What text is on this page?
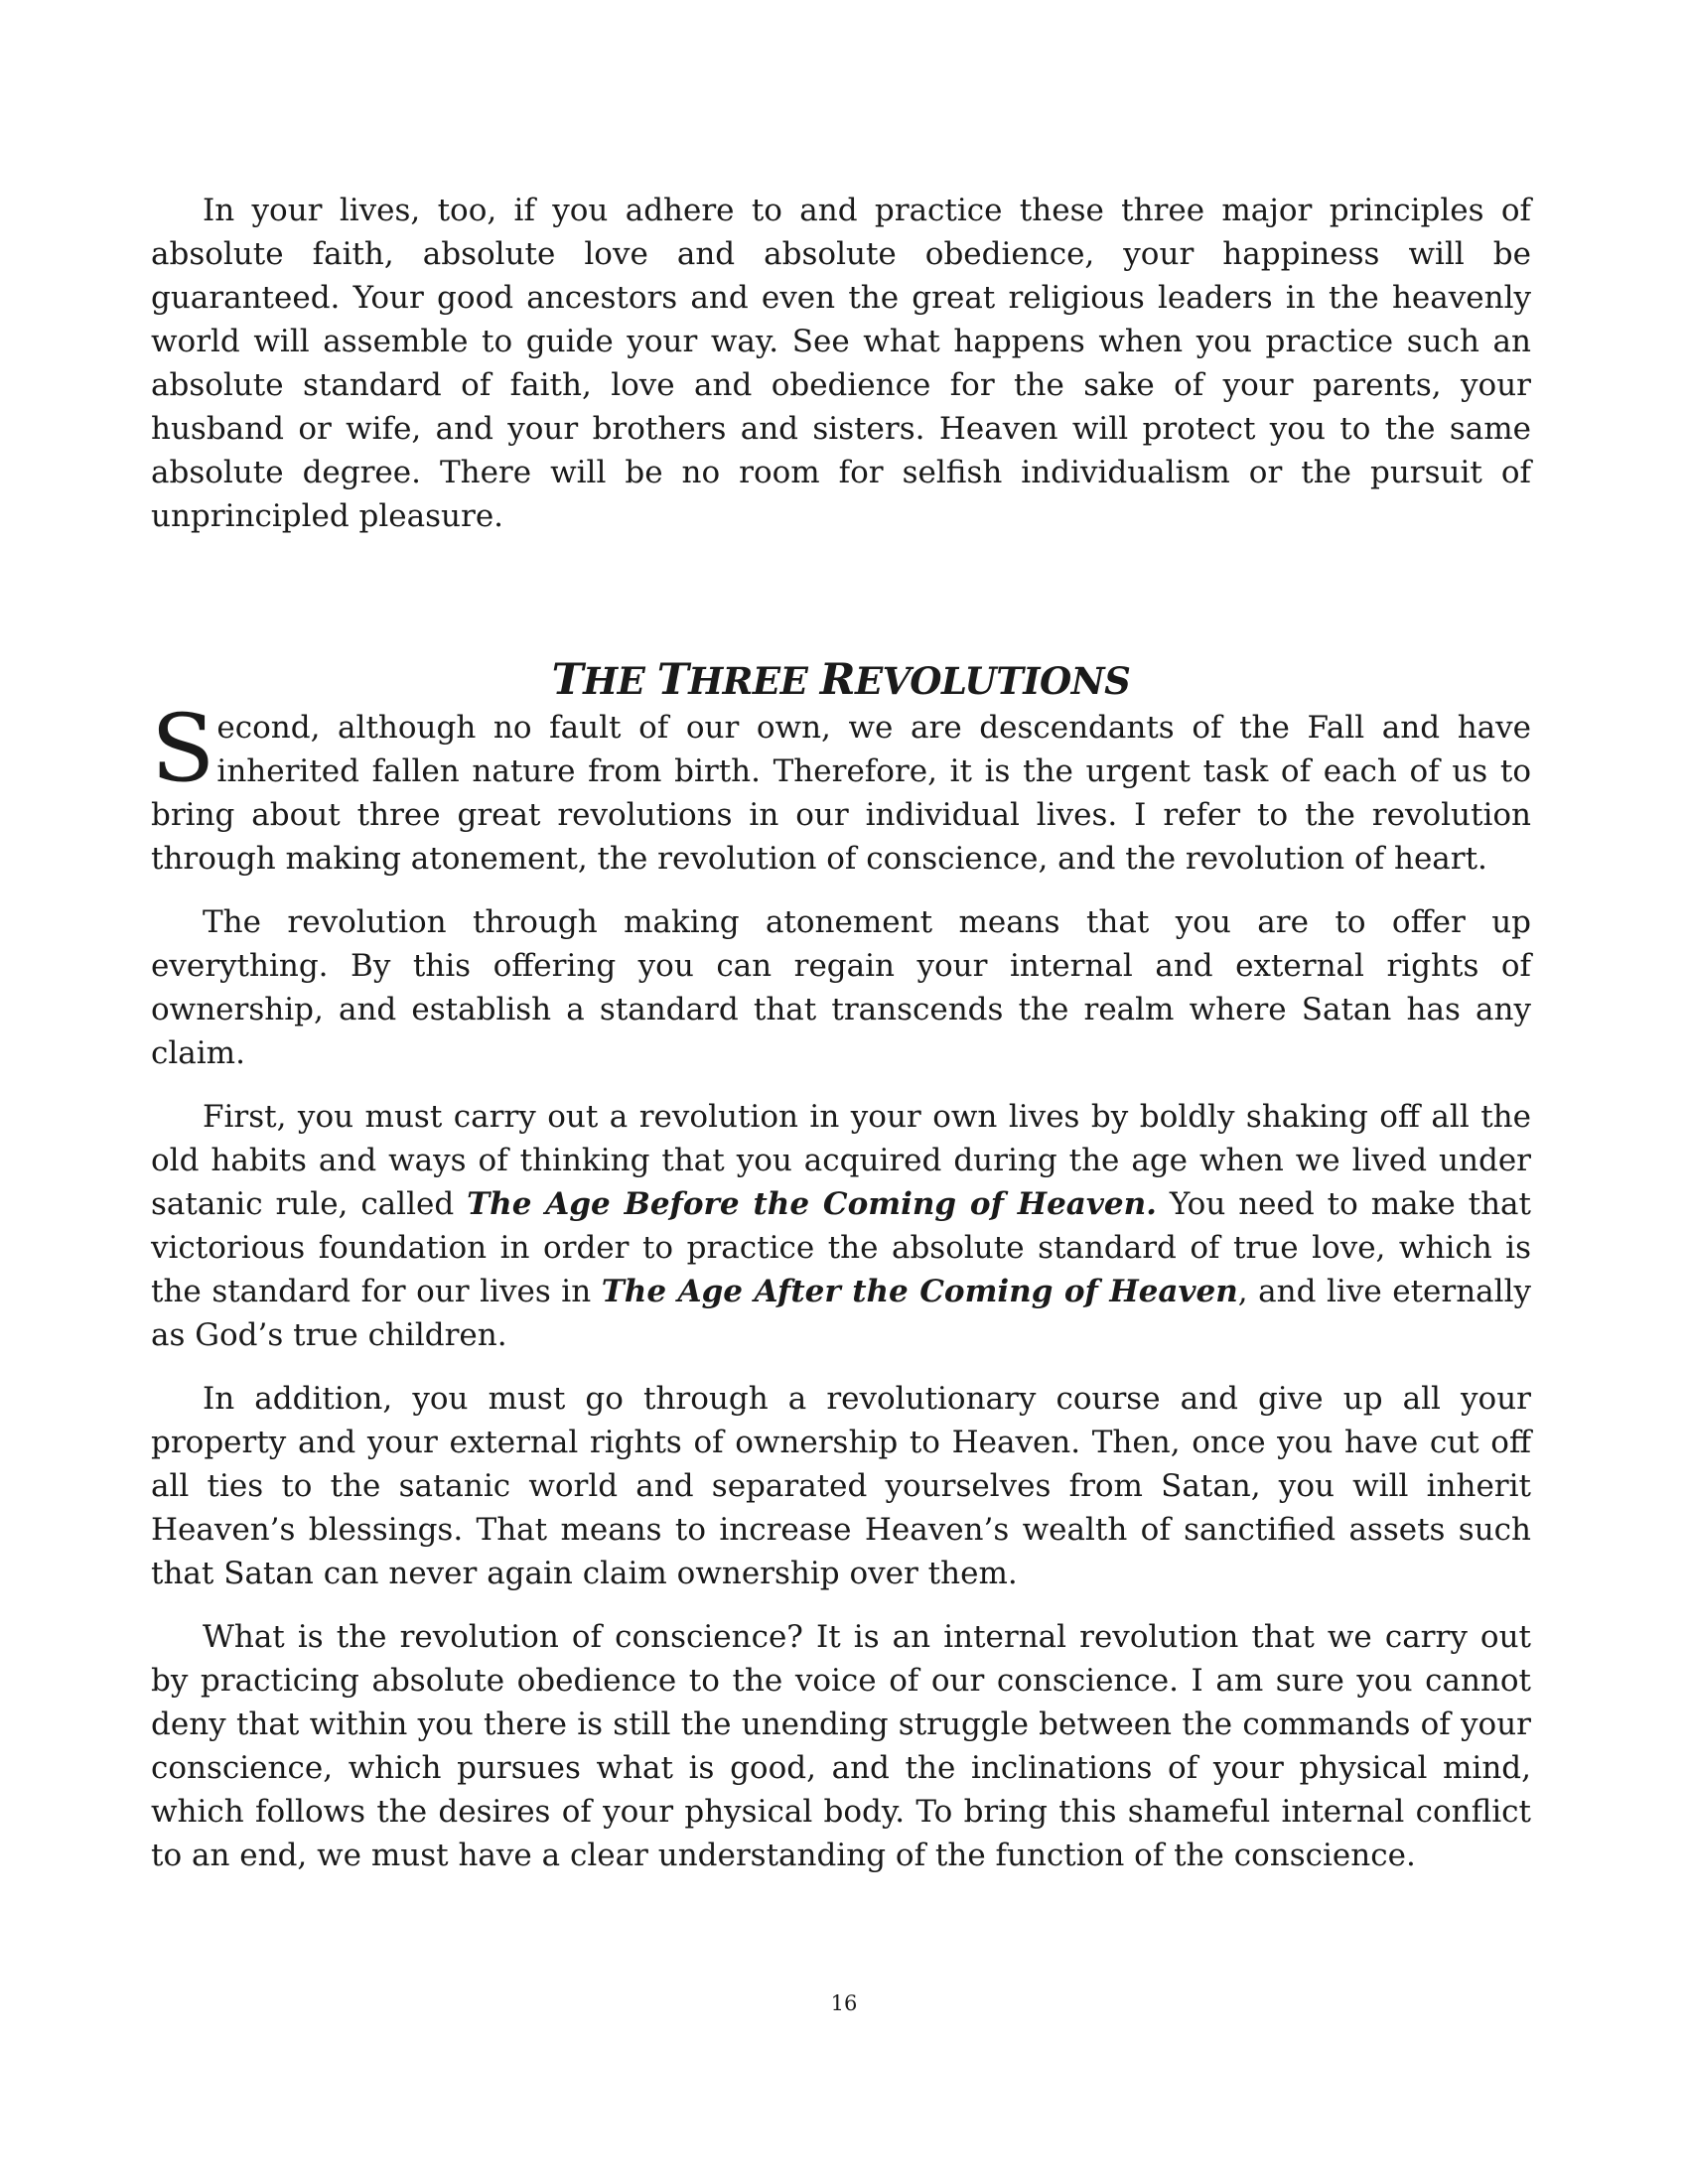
In your lives, too, if you adhere to and practice these three major principles of absolute faith, absolute love and absolute obedience, your happiness will be guaranteed. Your good ancestors and even the great religious leaders in the heavenly world will assemble to guide your way. See what happens when you practice such an absolute standard of faith, love and obedience for the sake of your parents, your husband or wife, and your brothers and sisters. Heaven will protect you to the same absolute degree. There will be no room for selfish individualism or the pursuit of unprincipled pleasure.

THE THREE REVOLUTIONS

Second, although no fault of our own, we are descendants of the Fall and have inherited fallen nature from birth. Therefore, it is the urgent task of each of us to bring about three great revolutions in our individual lives. I refer to the revolution through making atonement, the revolution of conscience, and the revolution of heart.

The revolution through making atonement means that you are to offer up everything. By this offering you can regain your internal and external rights of ownership, and establish a standard that transcends the realm where Satan has any claim.

First, you must carry out a revolution in your own lives by boldly shaking off all the old habits and ways of thinking that you acquired during the age when we lived under satanic rule, called The Age Before the Coming of Heaven. You need to make that victorious foundation in order to practice the absolute standard of true love, which is the standard for our lives in The Age After the Coming of Heaven, and live eternally as God’s true children.

In addition, you must go through a revolutionary course and give up all your property and your external rights of ownership to Heaven. Then, once you have cut off all ties to the satanic world and separated yourselves from Satan, you will inherit Heaven’s blessings. That means to increase Heaven’s wealth of sanctified assets such that Satan can never again claim ownership over them.

What is the revolution of conscience? It is an internal revolution that we carry out by practicing absolute obedience to the voice of our conscience. I am sure you cannot deny that within you there is still the unending struggle between the commands of your conscience, which pursues what is good, and the inclinations of your physical mind, which follows the desires of your physical body. To bring this shameful internal conflict to an end, we must have a clear understanding of the function of the conscience.

16
